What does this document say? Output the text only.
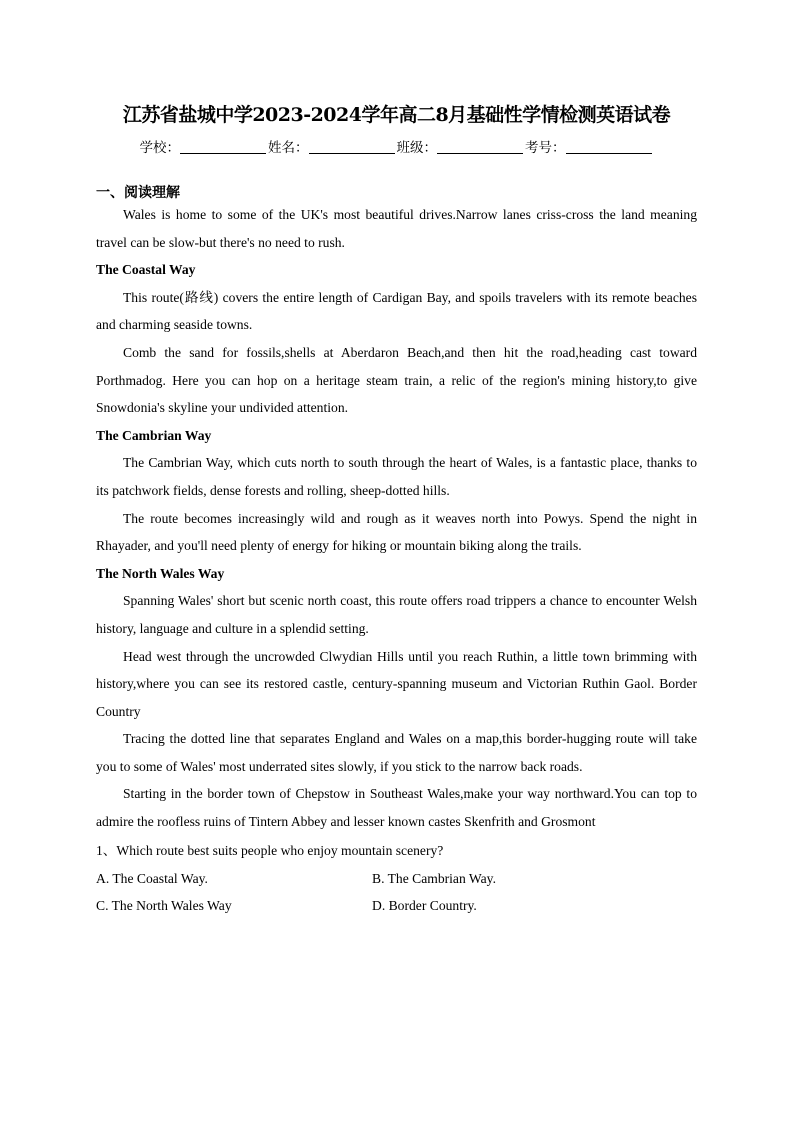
江苏省盐城中学2023-2024学年高二8月基础性学情检测英语试卷
学校：	姓名：	班级：	考号：
一、阅读理解

Wales is home to some of the UK's most beautiful drives.Narrow lanes criss-cross the land meaning travel can be slow-but there's no need to rush.

The Coastal Way

This route(路线) covers the entire length of Cardigan Bay, and spoils travelers with its remote beaches and charming seaside towns.

Comb the sand for fossils,shells at Aberdaron Beach,and then hit the road,heading cast toward Porthmadog. Here you can hop on a heritage steam train, a relic of the region's mining history,to give Snowdonia's skyline your undivided attention.

The Cambrian Way

The Cambrian Way, which cuts north to south through the heart of Wales, is a fantastic place, thanks to its patchwork fields, dense forests and rolling, sheep-dotted hills.

The route becomes increasingly wild and rough as it weaves north into Powys. Spend the night in Rhayader, and you'll need plenty of energy for hiking or mountain biking along the trails.

The North Wales Way

Spanning Wales' short but scenic north coast, this route offers road trippers a chance to encounter Welsh history, language and culture in a splendid setting.

Head west through the uncrowded Clwydian Hills until you reach Ruthin, a little town brimming with history,where you can see its restored castle, century-spanning museum and Victorian Ruthin Gaol. Border Country

Tracing the dotted line that separates England and Wales on a map,this border-hugging route will take you to some of Wales' most underrated sites slowly, if you stick to the narrow back roads.

Starting in the border town of Chepstow in Southeast Wales,make your way northward.You can top to admire the roofless ruins of Tintern Abbey and lesser known castes Skenfrith and Grosmont

1、Which route best suits people who enjoy mountain scenery?
A. The Coastal Way.	B. The Cambrian Way.
C. The North Wales Way	D. Border Country.
